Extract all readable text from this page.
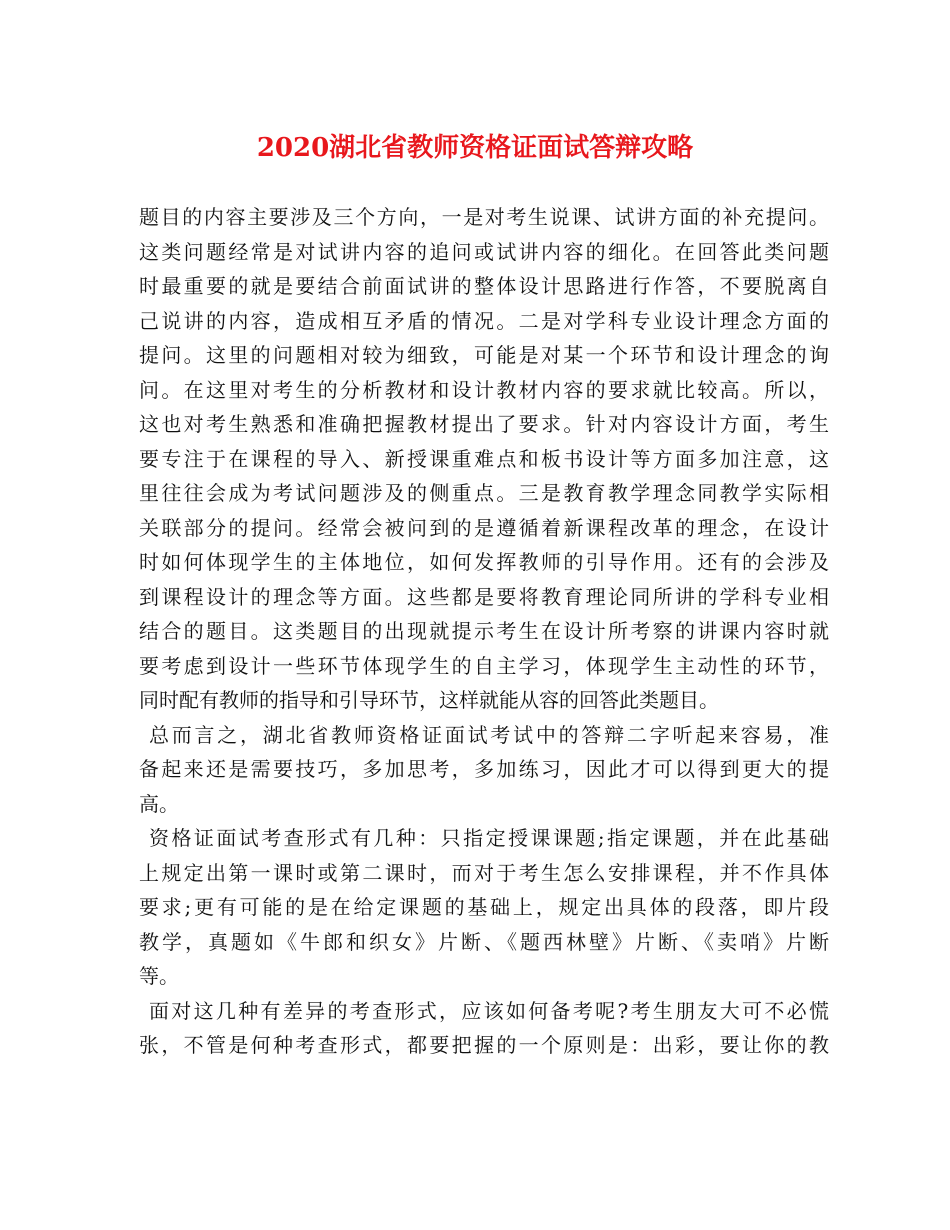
2020湖北省教师资格证面试答辩攻略
题目的内容主要涉及三个方向，一是对考生说课、试讲方面的补充提问。
这类问题经常是对试讲内容的追问或试讲内容的细化。在回答此类问题
时最重要的就是要结合前面试讲的整体设计思路进行作答，不要脱离自
己说讲的内容，造成相互矛盾的情况。二是对学科专业设计理念方面的
提问。这里的问题相对较为细致，可能是对某一个环节和设计理念的询
问。在这里对考生的分析教材和设计教材内容的要求就比较高。所以，
这也对考生熟悉和准确把握教材提出了要求。针对内容设计方面，考生
要专注于在课程的导入、新授课重难点和板书设计等方面多加注意，这
里往往会成为考试问题涉及的侧重点。三是教育教学理念同教学实际相
关联部分的提问。经常会被问到的是遵循着新课程改革的理念，在设计
时如何体现学生的主体地位，如何发挥教师的引导作用。还有的会涉及
到课程设计的理念等方面。这些都是要将教育理论同所讲的学科专业相
结合的题目。这类题目的出现就提示考生在设计所考察的讲课内容时就
要考虑到设计一些环节体现学生的自主学习，体现学生主动性的环节，
同时配有教师的指导和引导环节，这样就能从容的回答此类题目。
总而言之，湖北省教师资格证面试考试中的答辩二字听起来容易，准
备起来还是需要技巧，多加思考，多加练习，因此才可以得到更大的提
高。
资格证面试考查形式有几种：只指定授课课题;指定课题，并在此基础
上规定出第一课时或第二课时，而对于考生怎么安排课程，并不作具体
要求;更有可能的是在给定课题的基础上，规定出具体的段落，即片段
教学，真题如《牛郎和织女》片断、《题西林壁》片断、《卖哨》片断
等。
面对这几种有差异的考查形式，应该如何备考呢?考生朋友大可不必慌
张，不管是何种考查形式，都要把握的一个原则是：出彩，要让你的教
